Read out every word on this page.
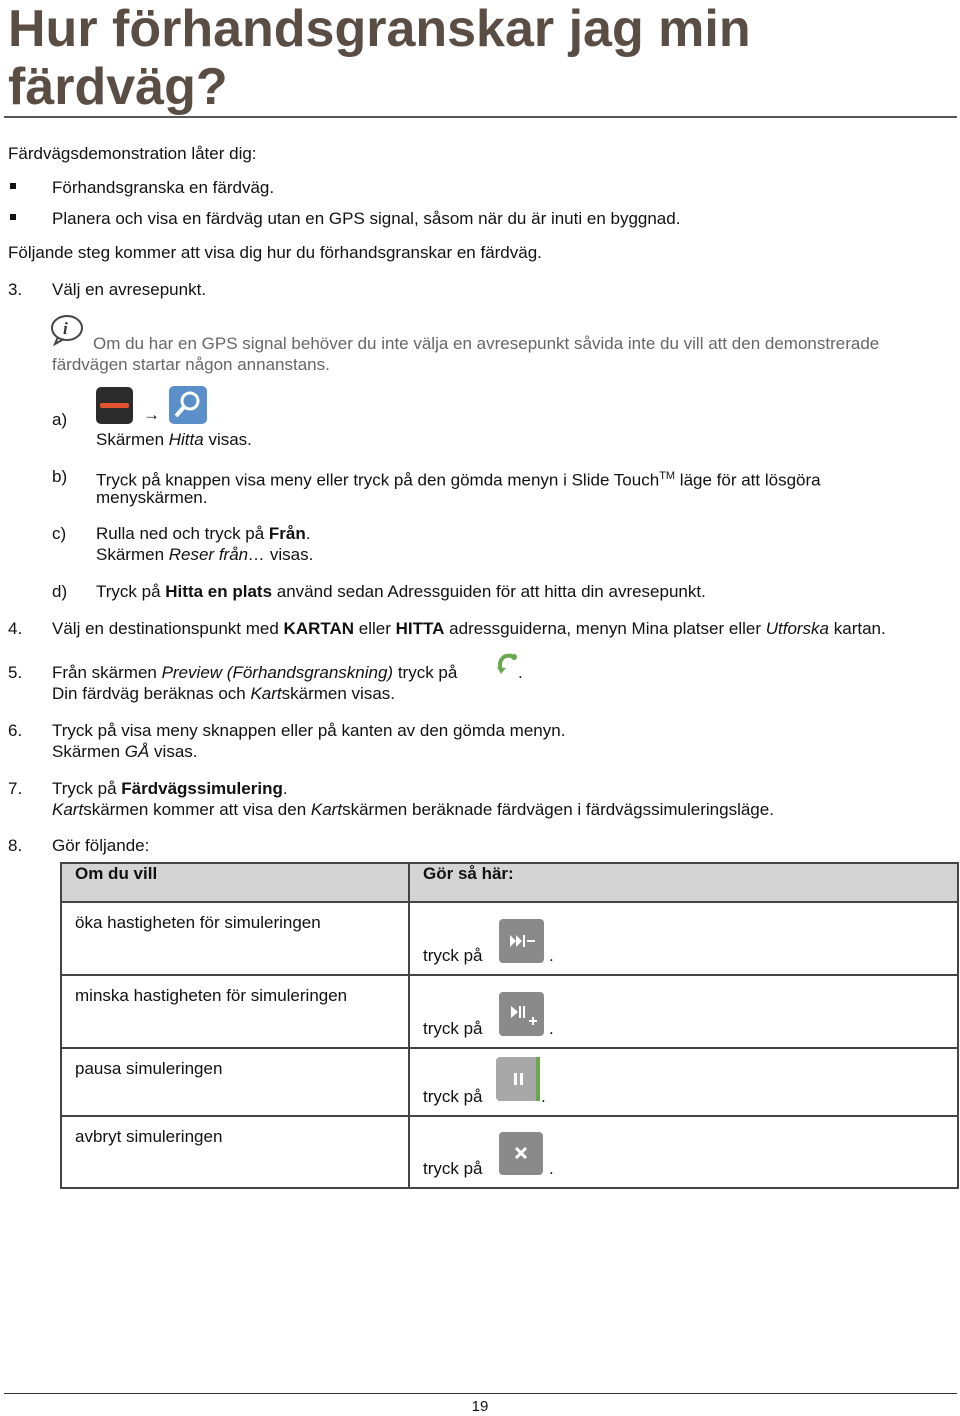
Hur förhandsgranskar jag min
färdväg?
Färdvägsdemonstration låter dig:
Förhandsgranska en färdväg.
Planera och visa en färdväg utan en GPS signal, såsom när du är inuti en byggnad.
Följande steg kommer att visa dig hur du förhandsgranskar en färdväg.
3. Välj en avresepunkt.
i
Om du har en GPS signal behöver du inte välja en avresepunkt såvida inte du vill att den demonstrerade
färdvägen startar någon annanstans.
a)	→
Skärmen Hitta visas.
b) Tryck på knappen visa meny eller tryck på den gömda menyn i Slide Touch™ läge för att lösgöra
menyskärmen.
c) Rulla ned och tryck på Från.
Skärmen Reser från… visas.
d) Tryck på Hitta en plats använd sedan Adressguiden för att hitta din avresepunkt.
4. Välj en destinationspunkt med KARTAN eller HITTA adressguiderna, menyn Mina platser eller Utforska kartan.
5. Från skärmen Preview (Förhandsgranskning) tryck på	.
Din färdväg beräknas och Kartskärmen visas.
6. Tryck på visa meny sknappen eller på kanten av den gömda menyn.
Skärmen GÅ visas.
7. Tryck på Färdvägssimulering.
Kartskärmen kommer att visa den Kartskärmen beräknade färdvägen i färdvägssimuleringsläge.
8. Gör följande:
Om du vill	Gör så här:
öka hastigheten för simuleringen	tryck på .

minska hastigheten för simuleringen	tryck på .

pausa simuleringen	tryck på .

avbryt simuleringen	tryck på .
19
